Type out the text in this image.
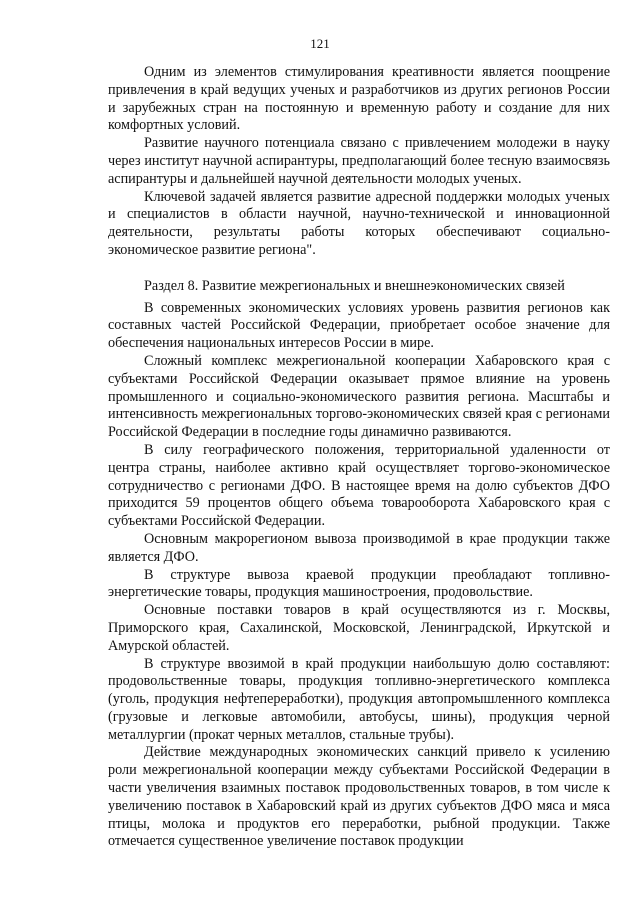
121

Одним из элементов стимулирования креативности является поощрение привлечения в край ведущих ученых и разработчиков из других регионов России и зарубежных стран на постоянную и временную работу и создание для них комфортных условий.

Развитие научного потенциала связано с привлечением молодежи в науку через институт научной аспирантуры, предполагающий более тесную взаимосвязь аспирантуры и дальнейшей научной деятельности молодых ученых.

Ключевой задачей является развитие адресной поддержки молодых ученых и специалистов в области научной, научно-технической и инновационной деятельности, результаты работы которых обеспечивают социально-экономическое развитие региона".

Раздел 8. Развитие межрегиональных и внешнеэкономических связей

В современных экономических условиях уровень развития регионов как составных частей Российской Федерации, приобретает особое значение для обеспечения национальных интересов России в мире.

Сложный комплекс межрегиональной кооперации Хабаровского края с субъектами Российской Федерации оказывает прямое влияние на уровень промышленного и социально-экономического развития региона. Масштабы и интенсивность межрегиональных торгово-экономических связей края с регионами Российской Федерации в последние годы динамично развиваются.

В силу географического положения, территориальной удаленности от центра страны, наиболее активно край осуществляет торгово-экономическое сотрудничество с регионами ДФО. В настоящее время на долю субъектов ДФО приходится 59 процентов общего объема товарооборота Хабаровского края с субъектами Российской Федерации.

Основным макрорегионом вывоза производимой в крае продукции также является ДФО.

В структуре вывоза краевой продукции преобладают топливно-энергетические товары, продукция машиностроения, продовольствие.

Основные поставки товаров в край осуществляются из г. Москвы, Приморского края, Сахалинской, Московской, Ленинградской, Иркутской и Амурской областей.

В структуре ввозимой в край продукции наибольшую долю составляют: продовольственные товары, продукция топливно-энергетического комплекса (уголь, продукция нефтепереработки), продукция автопромышленного комплекса (грузовые и легковые автомобили, автобусы, шины), продукция черной металлургии (прокат черных металлов, стальные трубы).

Действие международных экономических санкций привело к усилению роли межрегиональной кооперации между субъектами Российской Федерации в части увеличения взаимных поставок продовольственных товаров, в том числе к увеличению поставок в Хабаровский край из других субъектов ДФО мяса и мяса птицы, молока и продуктов его переработки, рыбной продукции. Также отмечается существенное увеличение поставок продукции
